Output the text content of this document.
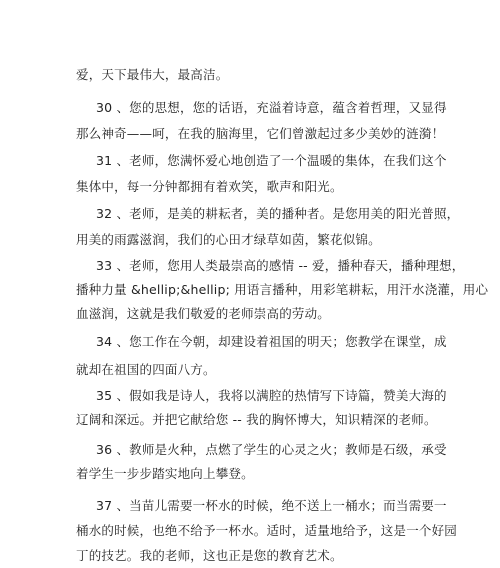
爱，天下最伟大，最高洁。
30 、您的思想，您的话语，充溢着诗意，蕴含着哲理，又显得
那么神奇——呵，在我的脑海里，它们曾激起过多少美妙的涟漪！
31 、老师，您满怀爱心地创造了一个温暖的集体，在我们这个
集体中，每一分钟都拥有着欢笑，歌声和阳光。
32 、老师，是美的耕耘者，美的播种者。是您用美的阳光普照，
用美的雨露滋润，我们的心田才绿草如茵，繁花似锦。
33 、老师，您用人类最崇高的感情 -- 爱，播种春天，播种理想，
播种力量 &hellip;&hellip; 用语言播种，用彩笔耕耘，用汗水浇灌，用心
血滋润，这就是我们敬爱的老师崇高的劳动。
34 、您工作在今朝，却建设着祖国的明天；您教学在课堂，成
就却在祖国的四面八方。
35 、假如我是诗人，我将以满腔的热情写下诗篇，赞美大海的
辽阔和深远。并把它献给您 -- 我的胸怀博大，知识精深的老师。
36 、教师是火种，点燃了学生的心灵之火；教师是石级，承受
着学生一步步踏实地向上攀登。
37 、当苗儿需要一杯水的时候，绝不送上一桶水；而当需要一
桶水的时候，也绝不给予一杯水。适时，适量地给予，这是一个好园
丁的技艺。我的老师，这也正是您的教育艺术。
